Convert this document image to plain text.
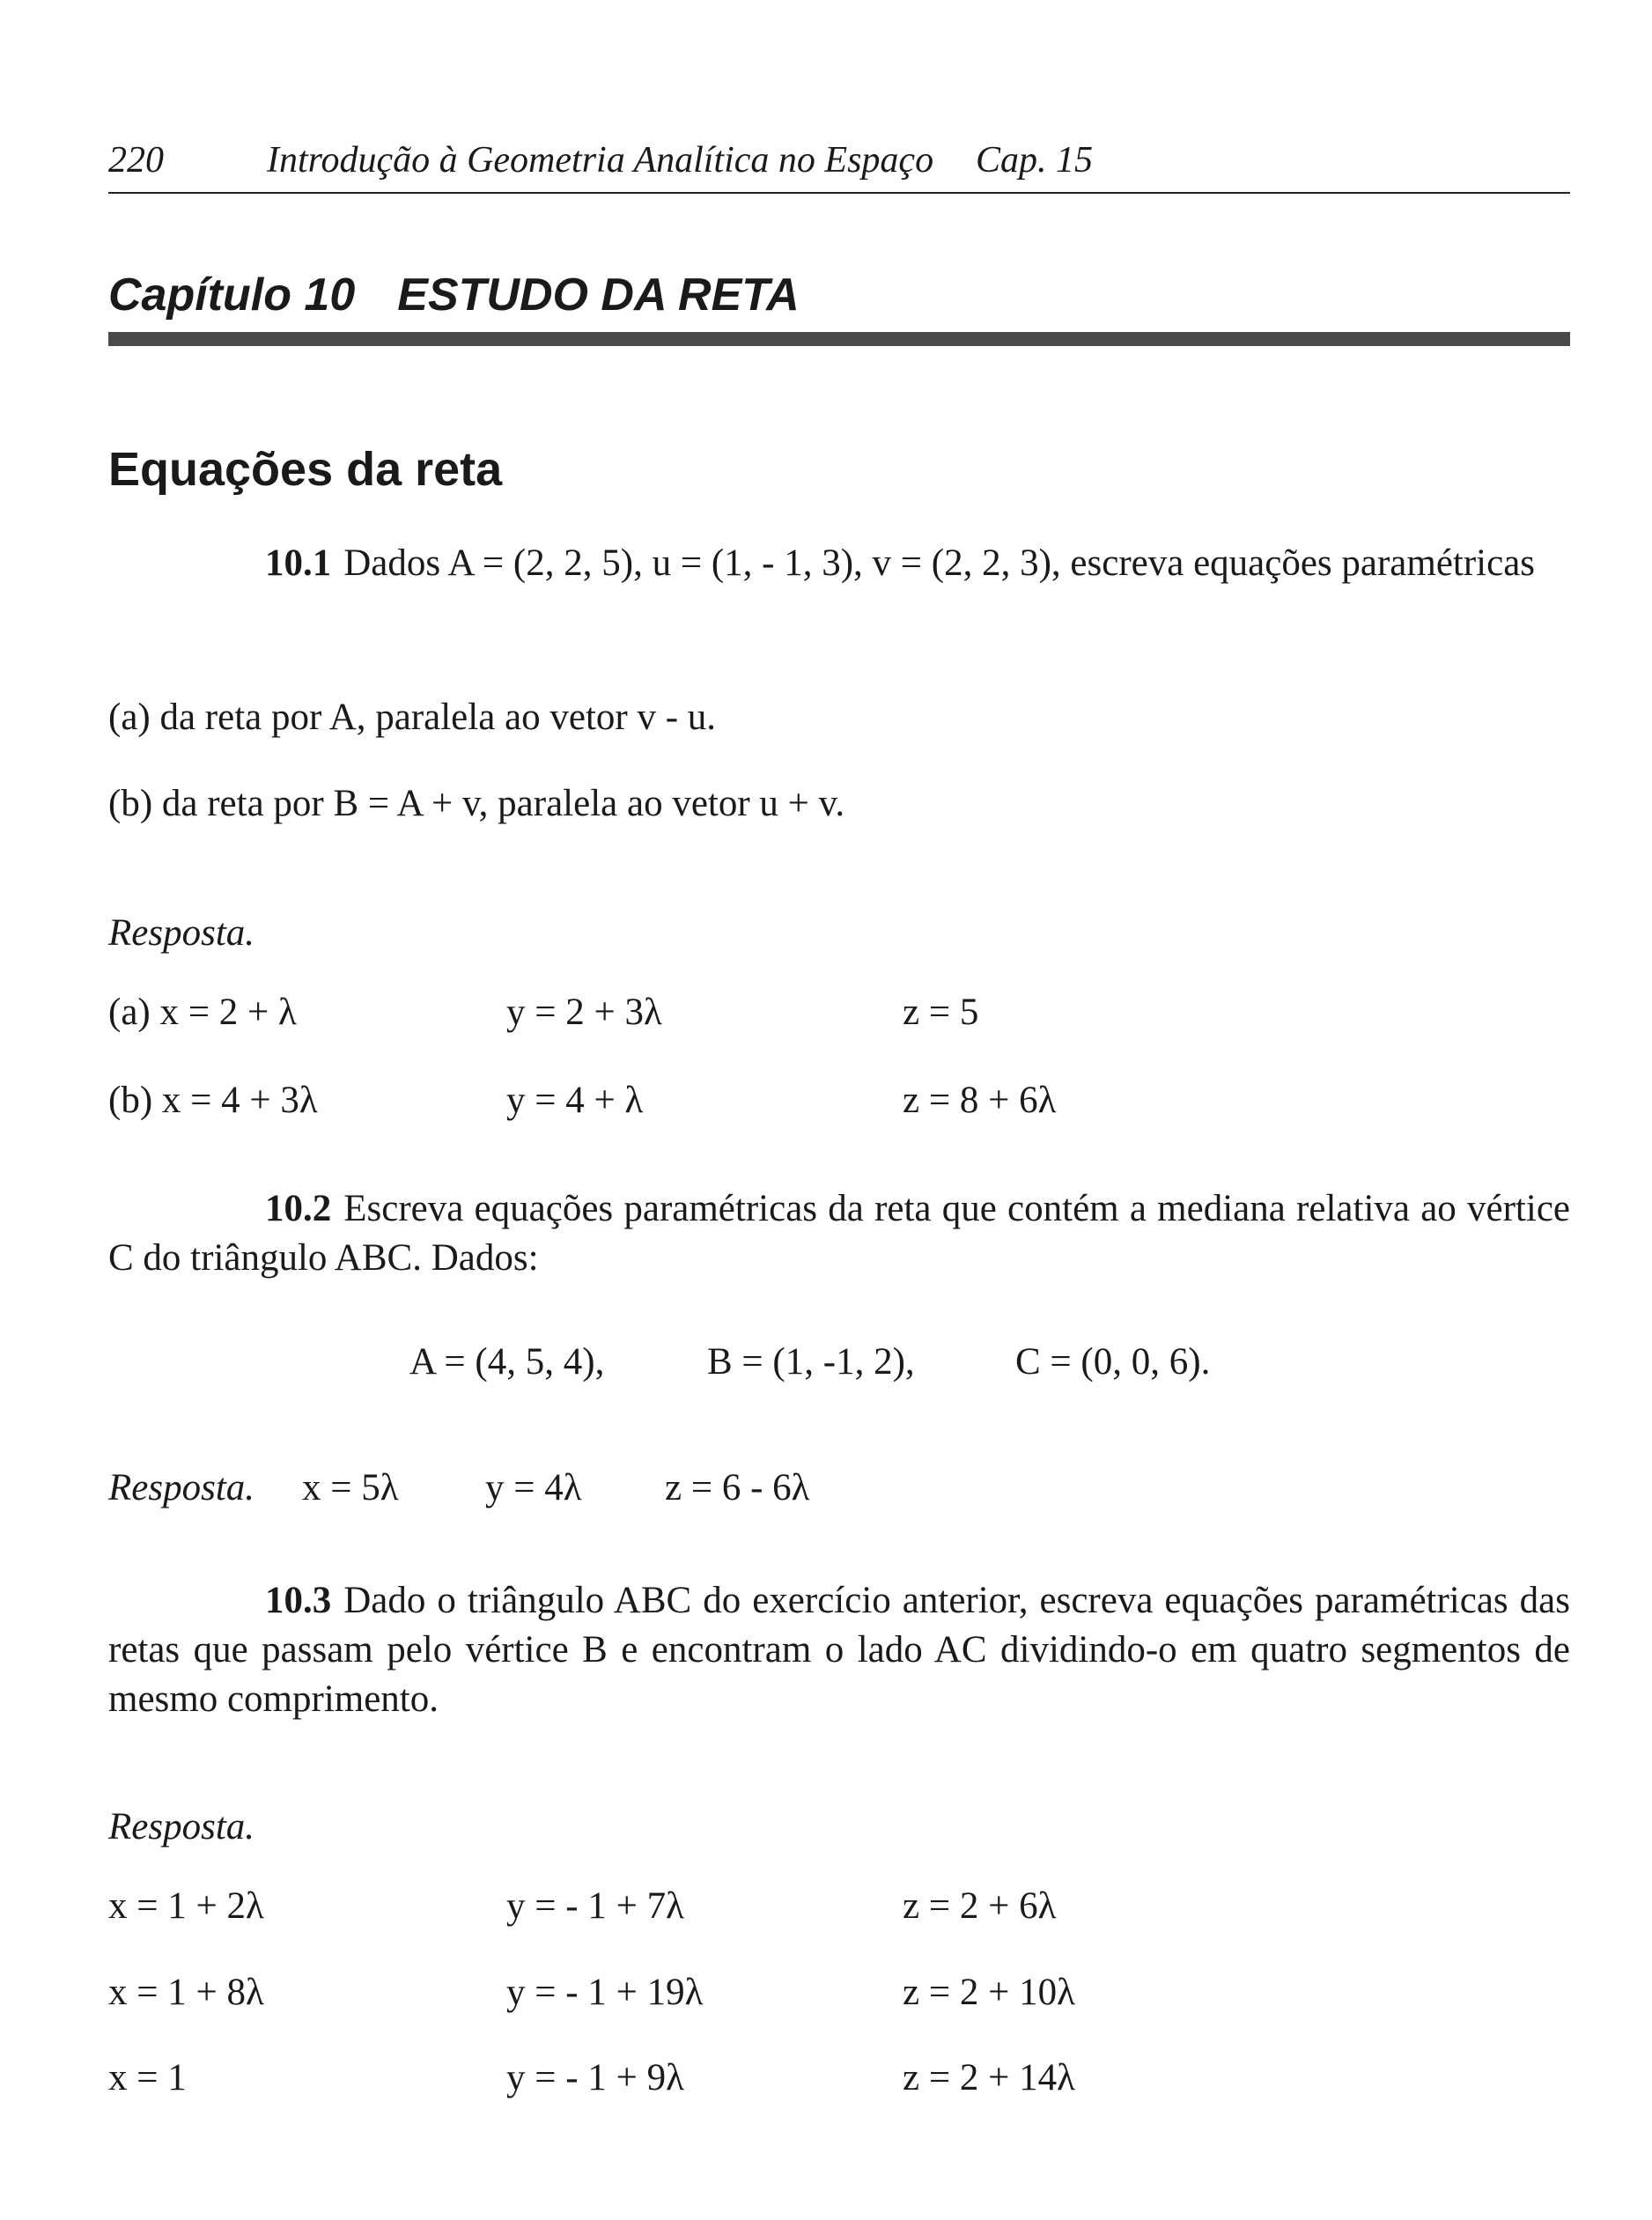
220	Introdução à Geometria Analítica no Espaço Cap. 15
Capítulo 10 ESTUDO DA RETA
Equações da reta
10.1 Dados A = (2, 2, 5), u = (1, - 1, 3), v = (2, 2, 3), escreva equações paramétricas
(a) da reta por A, paralela ao vetor v - u.
(b) da reta por B = A + v, paralela ao vetor u + v.
Resposta.
(a) x = 2 + λ	y = 2 + 3λ	z = 5
(b) x = 4 + 3λ	y = 4 + λ	z = 8 + 6λ
10.2 Escreva equações paramétricas da reta que contém a mediana relativa ao vértice C do triângulo ABC. Dados:
A = (4, 5, 4),	B = (1, -1, 2),	C = (0, 0, 6).
Resposta. x = 5λ y = 4λ z = 6 - 6λ
10.3 Dado o triângulo ABC do exercício anterior, escreva equações paramétricas das retas que passam pelo vértice B e encontram o lado AC dividindo-o em quatro segmentos de mesmo comprimento.
Resposta.
x = 1 + 2λ	y = - 1 + 7λ	z = 2 + 6λ
x = 1 + 8λ	y = - 1 + 19λ	z = 2 + 10λ
x = 1	y = - 1 + 9λ	z = 2 + 14λ
